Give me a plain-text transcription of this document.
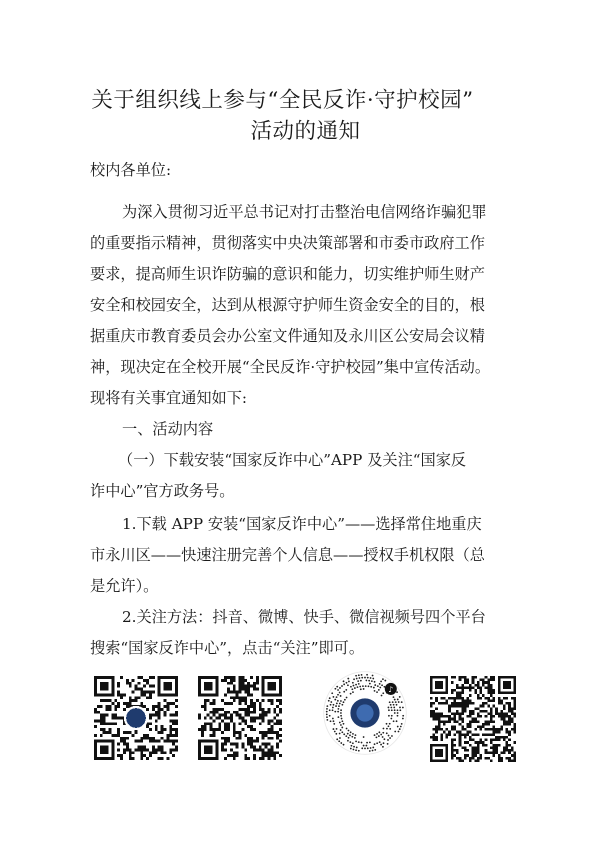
关于组织线上参与“全民反诈·守护校园”
活动的通知
校内各单位:
为深入贯彻习近平总书记对打击整治电信网络诈骗犯罪
的重要指示精神，贯彻落实中央决策部署和市委市政府工作
要求，提高师生识诈防骗的意识和能力，切实维护师生财产
安全和校园安全，达到从根源守护师生资金安全的目的，根
据重庆市教育委员会办公室文件通知及永川区公安局会议精
神，现决定在全校开展“全民反诈·守护校园”集中宣传活动。
现将有关事宜通知如下:
一、活动内容
（一）下载安装“国家反诈中心”APP 及关注“国家反
诈中心”官方政务号。
1.下载 APP 安装“国家反诈中心”——选择常住地重庆
市永川区——快速注册完善个人信息——授权手机权限（总
是允许）。
2.关注方法：抖音、微博、快手、微信视频号四个平台
搜索“国家反诈中心”，点击“关注”即可。
♪
